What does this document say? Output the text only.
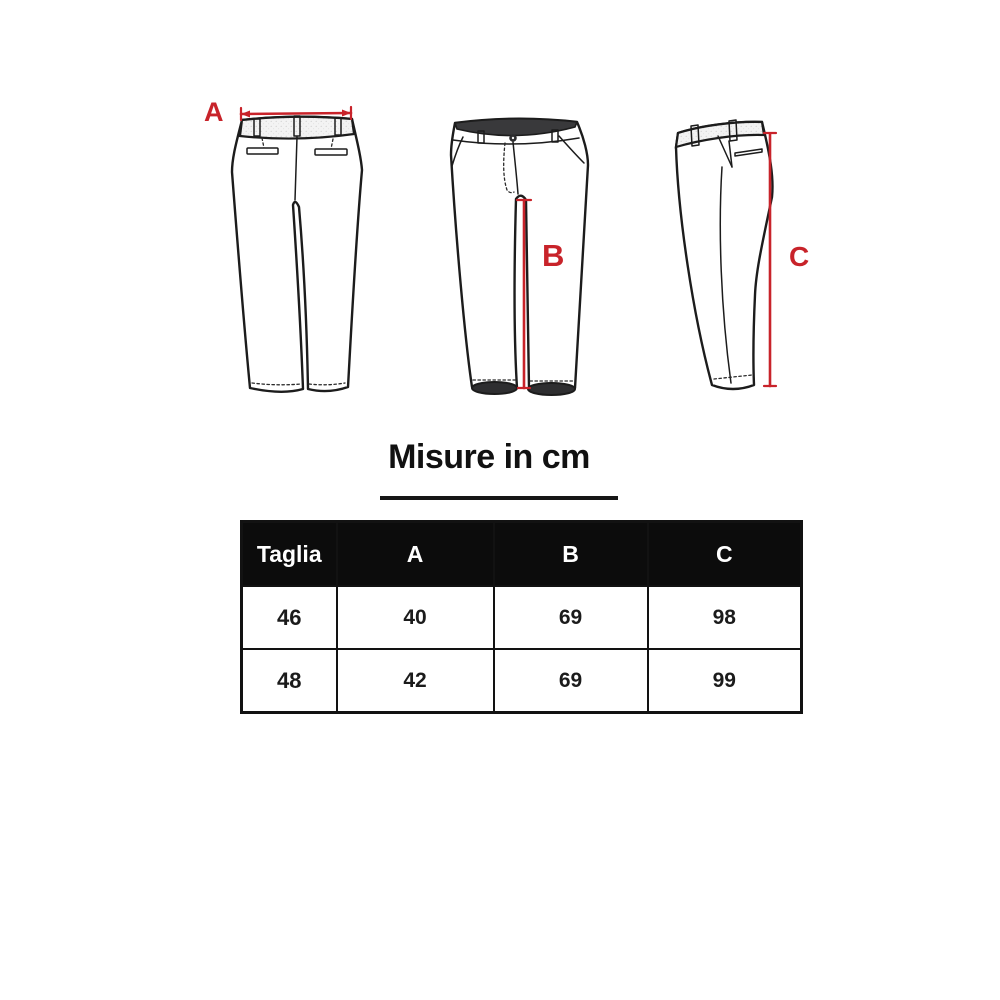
A
B	C
Misure in cm
Taglia	A	B	C
46	40	69	98
48	42	69	99
